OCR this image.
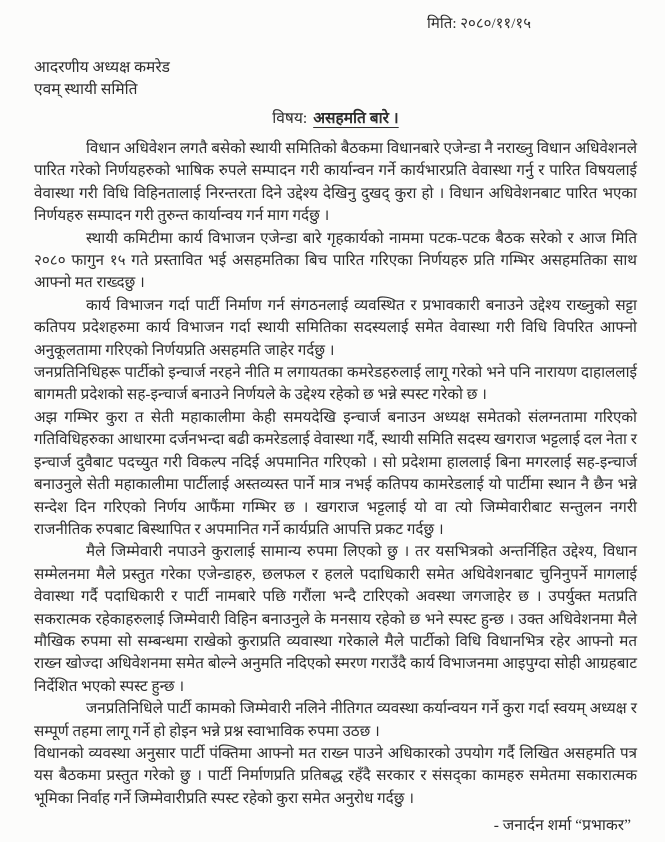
मिति: २०८०/११/१५
आदरणीय अध्यक्ष कमरेड
एवम् स्थायी समिति
विषय: असहमति बारे ।

विधान अधिवेशन लगतै बसेको स्थायी समितिको बैठकमा विधानबारे एजेन्डा नै नराख्नु विधान अधिवेशनले पारित गरेको निर्णयहरुको भाषिक रुपले सम्पादन गरी कार्यान्वन गर्ने कार्यभारप्रति वेवास्था गर्नु र पारित विषयलाई वेवास्था गरी विधि विहिनतालाई निरन्तरता दिने उद्देश्य देखिनु दुखद् कुरा हो । विधान अधिवेशनबाट पारित भएका निर्णयहरु सम्पादन गरी तुरुन्त कार्यान्वय गर्न माग गर्दछु ।

स्थायी कमिटीमा कार्य विभाजन एजेन्डा बारे गृहकार्यको नाममा पटक-पटक बैठक सरेको र आज मिति २०८० फागुन १५ गते प्रस्तावित भई असहमतिका बिच पारित गरिएका निर्णयहरु प्रति गम्भिर असहमतिका साथ आफ्नो मत राख्दछु ।

कार्य विभाजन गर्दा पार्टी निर्माण गर्न संगठनलाई व्यवस्थित र प्रभावकारी बनाउने उद्देश्य राख्नुको सट्टा कतिपय प्रदेशहरुमा कार्य विभाजन गर्दा स्थायी समितिका सदस्यलाई समेत वेवास्था गरी विधि विपरित आफ्नो अनुकूलतामा गरिएको निर्णयप्रति असहमति जाहेर गर्दछु ।

जनप्रतिनिधिहरू पार्टीको इन्चार्ज नरहने नीति म लगायतका कमरेडहरुलाई लागू गरेको भने पनि नारायण दाहाललाई बागमती प्रदेशको सह-इन्चार्ज बनाउने निर्णयले के उद्देश्य रहेको छ भन्ने स्पस्ट गरेको छ ।

अझ गम्भिर कुरा त सेती महाकालीमा केही समयदेखि इन्चार्ज बनाउन अध्यक्ष समेतको संलग्नतामा गरिएको गतिविधिहरुका आधारमा दर्जनभन्दा बढी कमरेडलाई वेवास्था गर्दै, स्थायी समिति सदस्य खगराज भट्टलाई दल नेता र इन्चार्ज दुवैबाट पदच्युत गरी विकल्प नदिई अपमानित गरिएको । सो प्रदेशमा हाललाई बिना मगरलाई सह-इन्चार्ज बनाउनुले सेती महाकालीमा पार्टीलाई अस्तव्यस्त पार्ने मात्र नभई कतिपय कामरेडलाई यो पार्टीमा स्थान नै छैन भन्ने सन्देश दिन गरिएको निर्णय आफैंमा गम्भिर छ । खगराज भट्टलाई यो वा त्यो जिम्मेवारीबाट सन्तुलन नगरी राजनीतिक रुपबाट बिस्थापित र अपमानित गर्ने कार्यप्रति आपत्ति प्रकट गर्दछु ।

मैले जिम्मेवारी नपाउने कुरालाई सामान्य रुपमा लिएको छु । तर यसभित्रको अन्तर्निहित उद्देश्य, विधान सम्मेलनमा मैले प्रस्तुत गरेका एजेन्डाहरु, छलफल र हलले पदाधिकारी समेत अधिवेशनबाट चुनिनुपर्ने मागलाई वेवास्था गर्दै पदाधिकारी र पार्टी नामबारे पछि गरौंला भन्दै टारिएको अवस्था जगजाहेर छ । उपर्युक्त मतप्रति सकरात्मक रहेकाहरुलाई जिम्मेवारी विहिन बनाउनुले के मनसाय रहेको छ भने स्पस्ट हुन्छ । उक्त अधिवेशनमा मैले मौखिक रुपमा सो सम्बन्धमा राखेको कुराप्रति व्यवास्था गरेकाले मैले पार्टीको विधि विधानभित्र रहेर आफ्नो मत राख्न खोज्दा अधिवेशनमा समेत बोल्ने अनुमति नदिएको स्मरण गराउँदै कार्य विभाजनमा आइपुग्दा सोही आग्रहबाट निर्देशित भएको स्पस्ट हुन्छ ।

जनप्रतिनिधिले पार्टी कामको जिम्मेवारी नलिने नीतिगत व्यवस्था कर्यान्वयन गर्ने कुरा गर्दा स्वयम् अध्यक्ष र सम्पूर्ण तहमा लागू गर्ने हो होइन भन्ने प्रश्न स्वाभाविक रुपमा उठछ ।

विधानको व्यवस्था अनुसार पार्टी पंक्तिमा आफ्नो मत राख्न पाउने अधिकारको उपयोग गर्दै लिखित असहमति पत्र यस बैठकमा प्रस्तुत गरेको छु । पार्टी निर्माणप्रति प्रतिबद्ध रहँदै सरकार र संसद्का कामहरु समेतमा सकारात्मक भूमिका निर्वाह गर्ने जिम्मेवारीप्रति स्पस्ट रहेको कुरा समेत अनुरोध गर्दछु ।

- जनार्दन शर्मा “प्रभाकर”
